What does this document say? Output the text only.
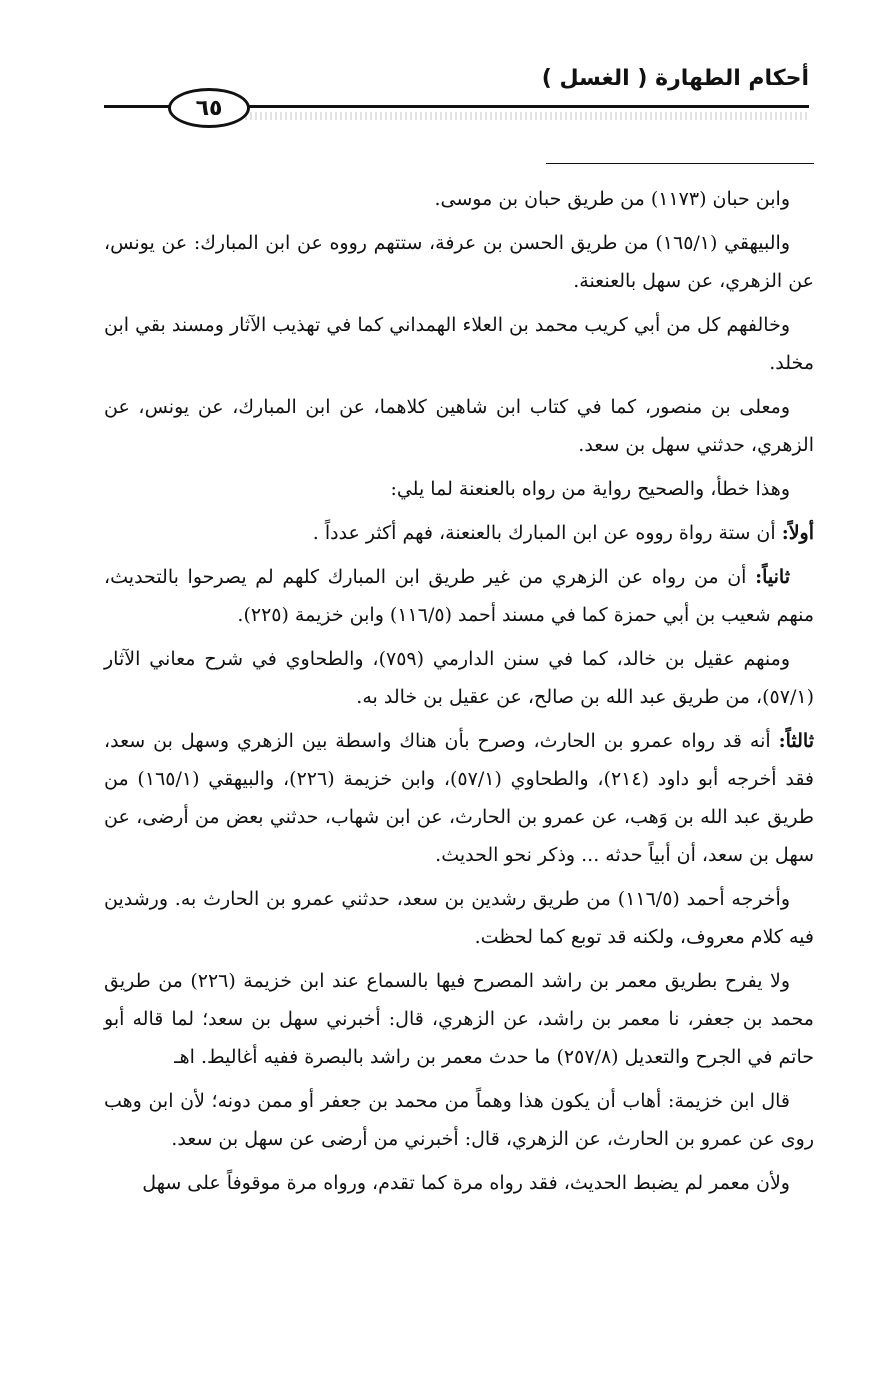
أحكام الطهارة ( الغسل )
٦٥

وابن حبان (١١٧٣) من طريق حبان بن موسى.

والبيهقي (١٦٥/١) من طريق الحسن بن عرفة، ستتهم رووه عن ابن المبارك: عن يونس، عن الزهري، عن سهل بالعنعنة.

وخالفهم كل من أبي كريب محمد بن العلاء الهمداني كما في تهذيب الآثار ومسند بقي ابن مخلد.

ومعلى بن منصور، كما في كتاب ابن شاهين كلاهما، عن ابن المبارك، عن يونس، عن الزهري، حدثني سهل بن سعد.

وهذا خطأ، والصحيح رواية من رواه بالعنعنة لما يلي:

أولاً: أن ستة رواة رووه عن ابن المبارك بالعنعنة، فهم أكثر عدداً .

ثانياً: أن من رواه عن الزهري من غير طريق ابن المبارك كلهم لم يصرحوا بالتحديث، منهم شعيب بن أبي حمزة كما في مسند أحمد (١١٦/٥) وابن خزيمة (٢٢٥).

ومنهم عقيل بن خالد، كما في سنن الدارمي (٧٥٩)، والطحاوي في شرح معاني الآثار (٥٧/١)، من طريق عبد الله بن صالح، عن عقيل بن خالد به.

ثالثاً: أنه قد رواه عمرو بن الحارث، وصرح بأن هناك واسطة بين الزهري وسهل بن سعد، فقد أخرجه أبو داود (٢١٤)، والطحاوي (٥٧/١)، وابن خزيمة (٢٢٦)، والبيهقي (١٦٥/١) من طريق عبد الله بن وَهب، عن عمرو بن الحارث، عن ابن شهاب، حدثني بعض من أرضى، عن سهل بن سعد، أن أبياً حدثه ... وذكر نحو الحديث.

وأخرجه أحمد (١١٦/٥) من طريق رشدين بن سعد، حدثني عمرو بن الحارث به. ورشدين فيه كلام معروف، ولكنه قد توبع كما لحظت.

ولا يفرح بطريق معمر بن راشد المصرح فيها بالسماع عند ابن خزيمة (٢٢٦) من طريق محمد بن جعفر، نا معمر بن راشد، عن الزهري، قال: أخبرني سهل بن سعد؛ لما قاله أبو حاتم في الجرح والتعديل (٢٥٧/٨) ما حدث معمر بن راشد بالبصرة ففيه أغاليط. اهـ

قال ابن خزيمة: أهاب أن يكون هذا وهماً من محمد بن جعفر أو ممن دونه؛ لأن ابن وهب روى عن عمرو بن الحارث، عن الزهري، قال: أخبرني من أرضى عن سهل بن سعد.

ولأن معمر لم يضبط الحديث، فقد رواه مرة كما تقدم، ورواه مرة موقوفاً على سهل
